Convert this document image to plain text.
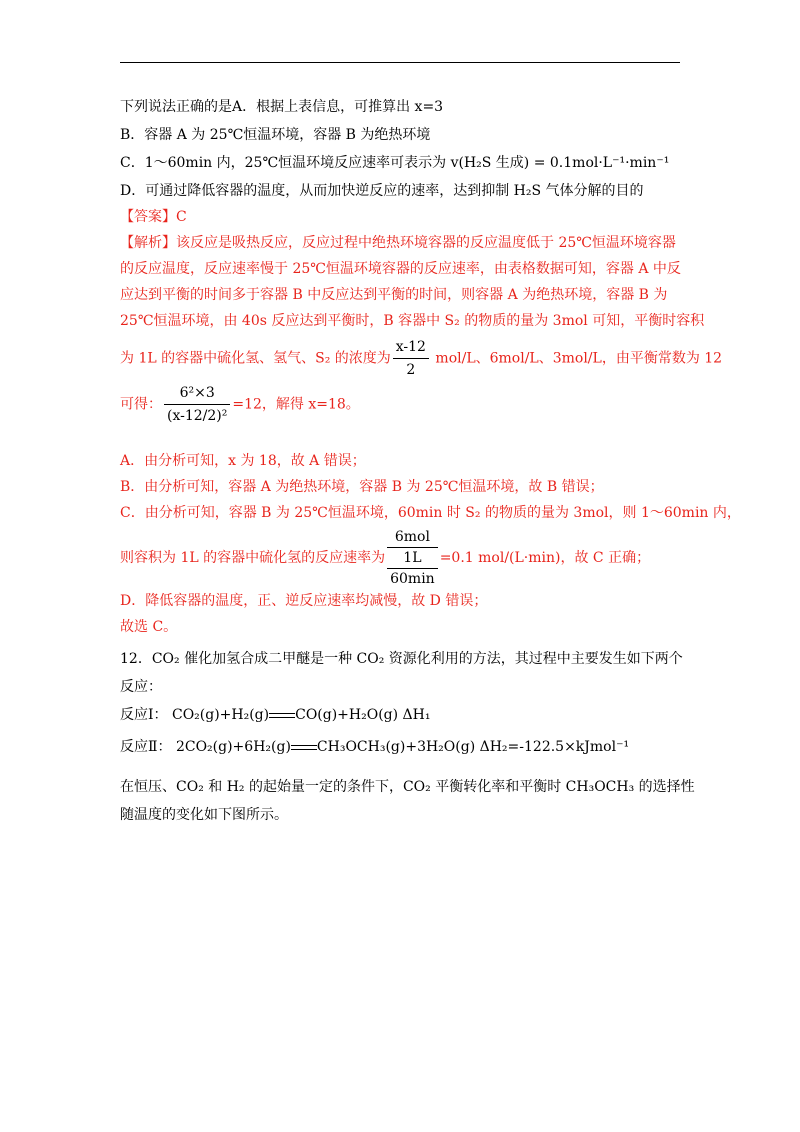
下列说法正确的是A．根据上表信息，可推算出 x=3
B．容器 A 为 25℃恒温环境，容器 B 为绝热环境
C．1～60min 内，25℃恒温环境反应速率可表示为 v(H₂S 生成) = 0.1mol·L⁻¹·min⁻¹
D．可通过降低容器的温度，从而加快逆反应的速率，达到抑制 H₂S 气体分解的目的
【答案】C
【解析】该反应是吸热反应，反应过程中绝热环境容器的反应温度低于 25℃恒温环境容器
的反应温度，反应速率慢于 25℃恒温环境容器的反应速率，由表格数据可知，容器 A 中反
应达到平衡的时间多于容器 B 中反应达到平衡的时间，则容器 A 为绝热环境，容器 B 为
25℃恒温环境，由 40s 反应达到平衡时，B 容器中 S₂ 的物质的量为 3mol 可知，平衡时容积
为 1L 的容器中硫化氢、氢气、S₂ 的浓度为 $\frac{x-12}{2} mol/L$、6mol/L、3mol/L，由平衡常数为 12
可得： $\frac{\text{6²×3}}{\text{(x-12/2)²}} =12$，解得 x=18。
A．由分析可知，x 为 18，故 A 错误；
B．由分析可知，容器 A 为绝热环境，容器 B 为 25℃恒温环境，故 B 错误；
C．由分析可知，容器 B 为 25℃恒温环境，60min 时 S₂ 的物质的量为 3mol，则 1～60min 内，
则容积为 1L 的容器中硫化氢的反应速率为
6mol
1L
60min
=0.1 mol/(L·min)，故 C 正确；
D．降低容器的温度，正、逆反应速率均减慢，故 D 错误；
故选 C。
12．CO₂ 催化加氢合成二甲醚是一种 CO₂ 资源化利用的方法，其过程中主要发生如下两个
反应：
反应Ⅰ： CO₂(g)+H₂(g) CO(g)+H₂O(g) ΔH₁
反应Ⅱ： 2CO₂(g)+6H₂(g) CH₃OCH₃(g)+3H₂O(g) ΔH₂=-122.5×kJmol⁻¹
在恒压、CO₂ 和 H₂ 的起始量一定的条件下，CO₂ 平衡转化率和平衡时 CH₃OCH₃ 的选择性
随温度的变化如下图所示。
